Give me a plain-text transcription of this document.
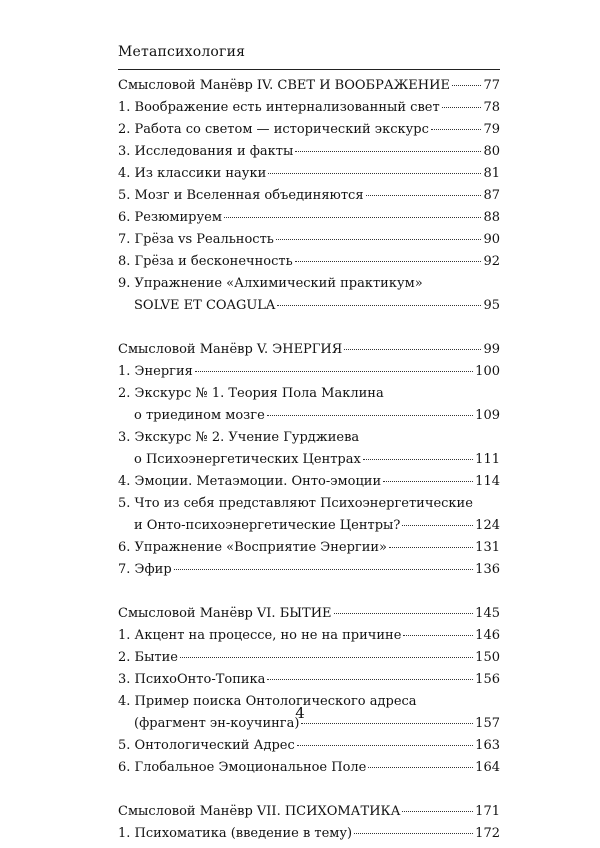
Метапсихология
Смысловой Манёвр IV. СВЕТ И ВООБРАЖЕНИЕ	77
1. Воображение есть интернализованный свет	78
2. Работа со светом — исторический экскурс	79
3. Исследования и факты	80
4. Из классики науки	81
5. Мозг и Вселенная объединяются	87
6. Резюмируем	88
7. Грёза vs Реальность	90
8. Грёза и бесконечность	92
9. Упражнение «Алхимический практикум»
SOLVE ET COAGULA	95
Смысловой Манёвр V. ЭНЕРГИЯ	99
1. Энергия	100
2. Экскурс № 1. Теория Пола Маклина
о триедином мозге	109
3. Экскурс № 2. Учение Гурджиева
о Психоэнергетических Центрах	111
4. Эмоции. Метаэмоции. Онто-эмоции	114
5. Что из себя представляют Психоэнергетические
и Онто-психоэнергетические Центры?	124
6. Упражнение «Восприятие Энергии»	131
7. Эфир	136
Смысловой Манёвр VI. БЫТИЕ	145
1. Акцент на процессе, но не на причине	146
2. Бытие	150
3. ПсихоОнто-Топика	156
4. Пример поиска Онтологического адреса
(фрагмент эн-коучинга)	157
5. Онтологический Адрес	163
6. Глобальное Эмоциональное Поле	164
Смысловой Манёвр VII. ПСИХОМАТИКА	171
1. Психоматика (введение в тему)	172
4
